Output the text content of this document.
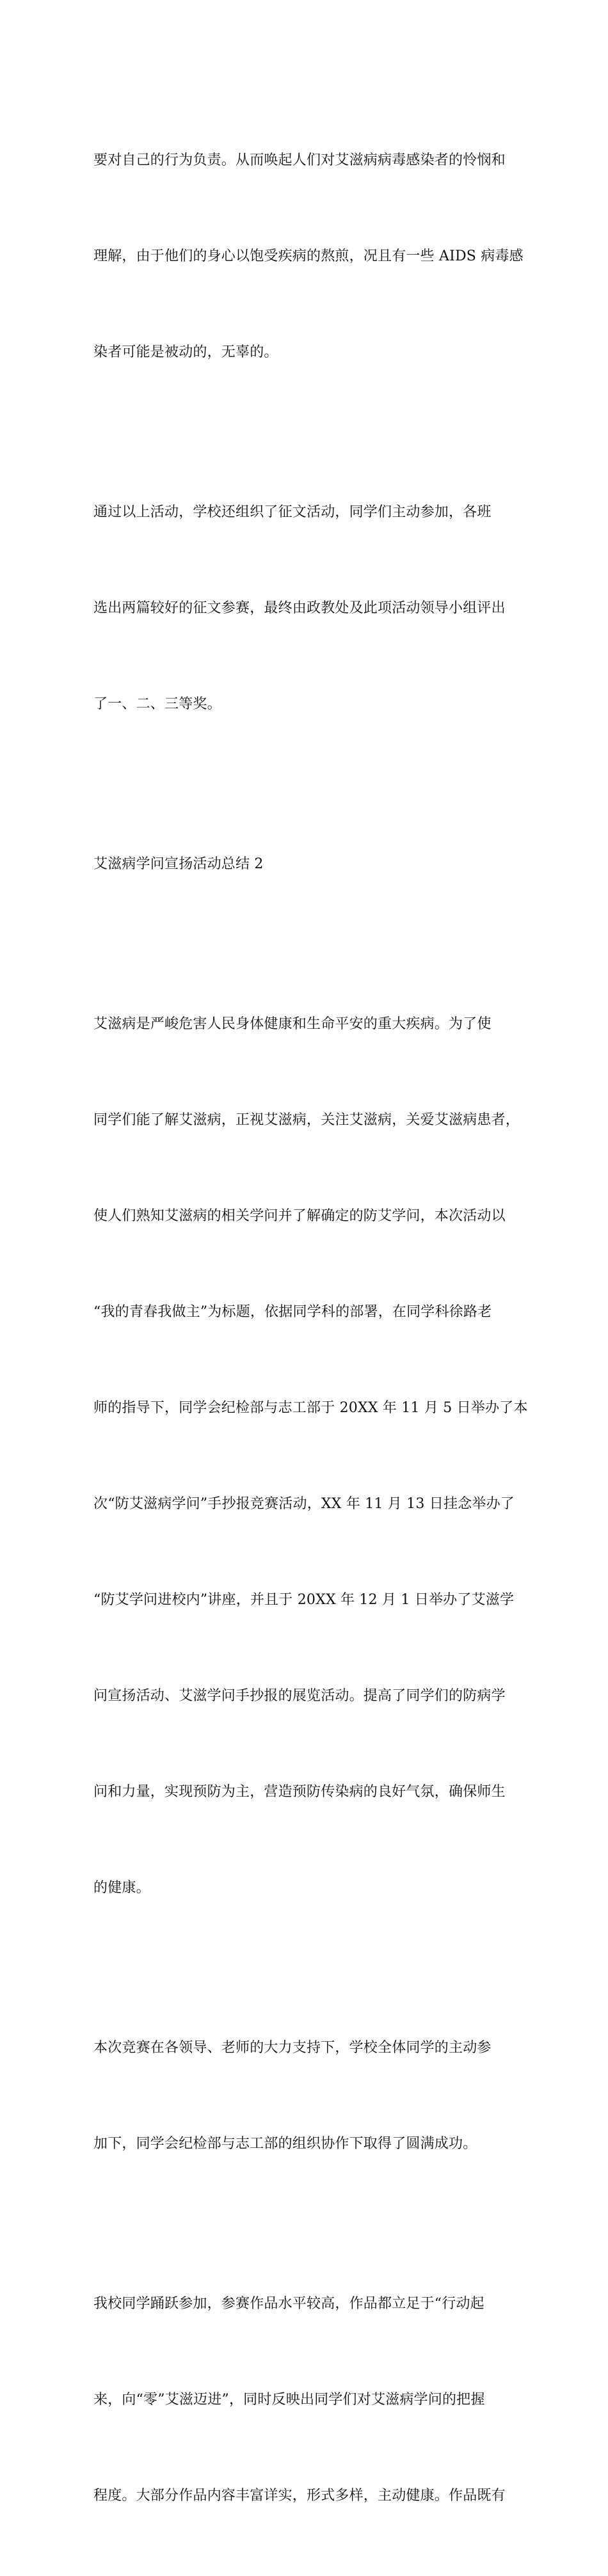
要对自己的行为负责。从而唤起人们对艾滋病病毒感染者的怜悯和

理解，由于他们的身心以饱受疾病的熬煎，况且有一些 AIDS 病毒感

染者可能是被动的，无辜的。

通过以上活动，学校还组织了征文活动，同学们主动参加，各班

选出两篇较好的征文参赛，最终由政教处及此项活动领导小组评出

了一、二、三等奖。

艾滋病学问宣扬活动总结 2

艾滋病是严峻危害人民身体健康和生命平安的重大疾病。为了使

同学们能了解艾滋病，正视艾滋病，关注艾滋病，关爱艾滋病患者，

使人们熟知艾滋病的相关学问并了解确定的防艾学问，本次活动以

“我的青春我做主”为标题，依据同学科的部署，在同学科徐路老

师的指导下，同学会纪检部与志工部于 20XX 年 11 月 5 日举办了本

次“防艾滋病学问”手抄报竞赛活动，XX 年 11 月 13 日挂念举办了

“防艾学问进校内”讲座，并且于 20XX 年 12 月 1 日举办了艾滋学

问宣扬活动、艾滋学问手抄报的展览活动。提高了同学们的防病学

问和力量，实现预防为主，营造预防传染病的良好气氛，确保师生

的健康。

本次竞赛在各领导、老师的大力支持下，学校全体同学的主动参

加下，同学会纪检部与志工部的组织协作下取得了圆满成功。

我校同学踊跃参加，参赛作品水平较高，作品都立足于“行动起

来，向“零”艾滋迈进”，同时反映出同学们对艾滋病学问的把握

程度。大部分作品内容丰富详实，形式多样，主动健康。作品既有
